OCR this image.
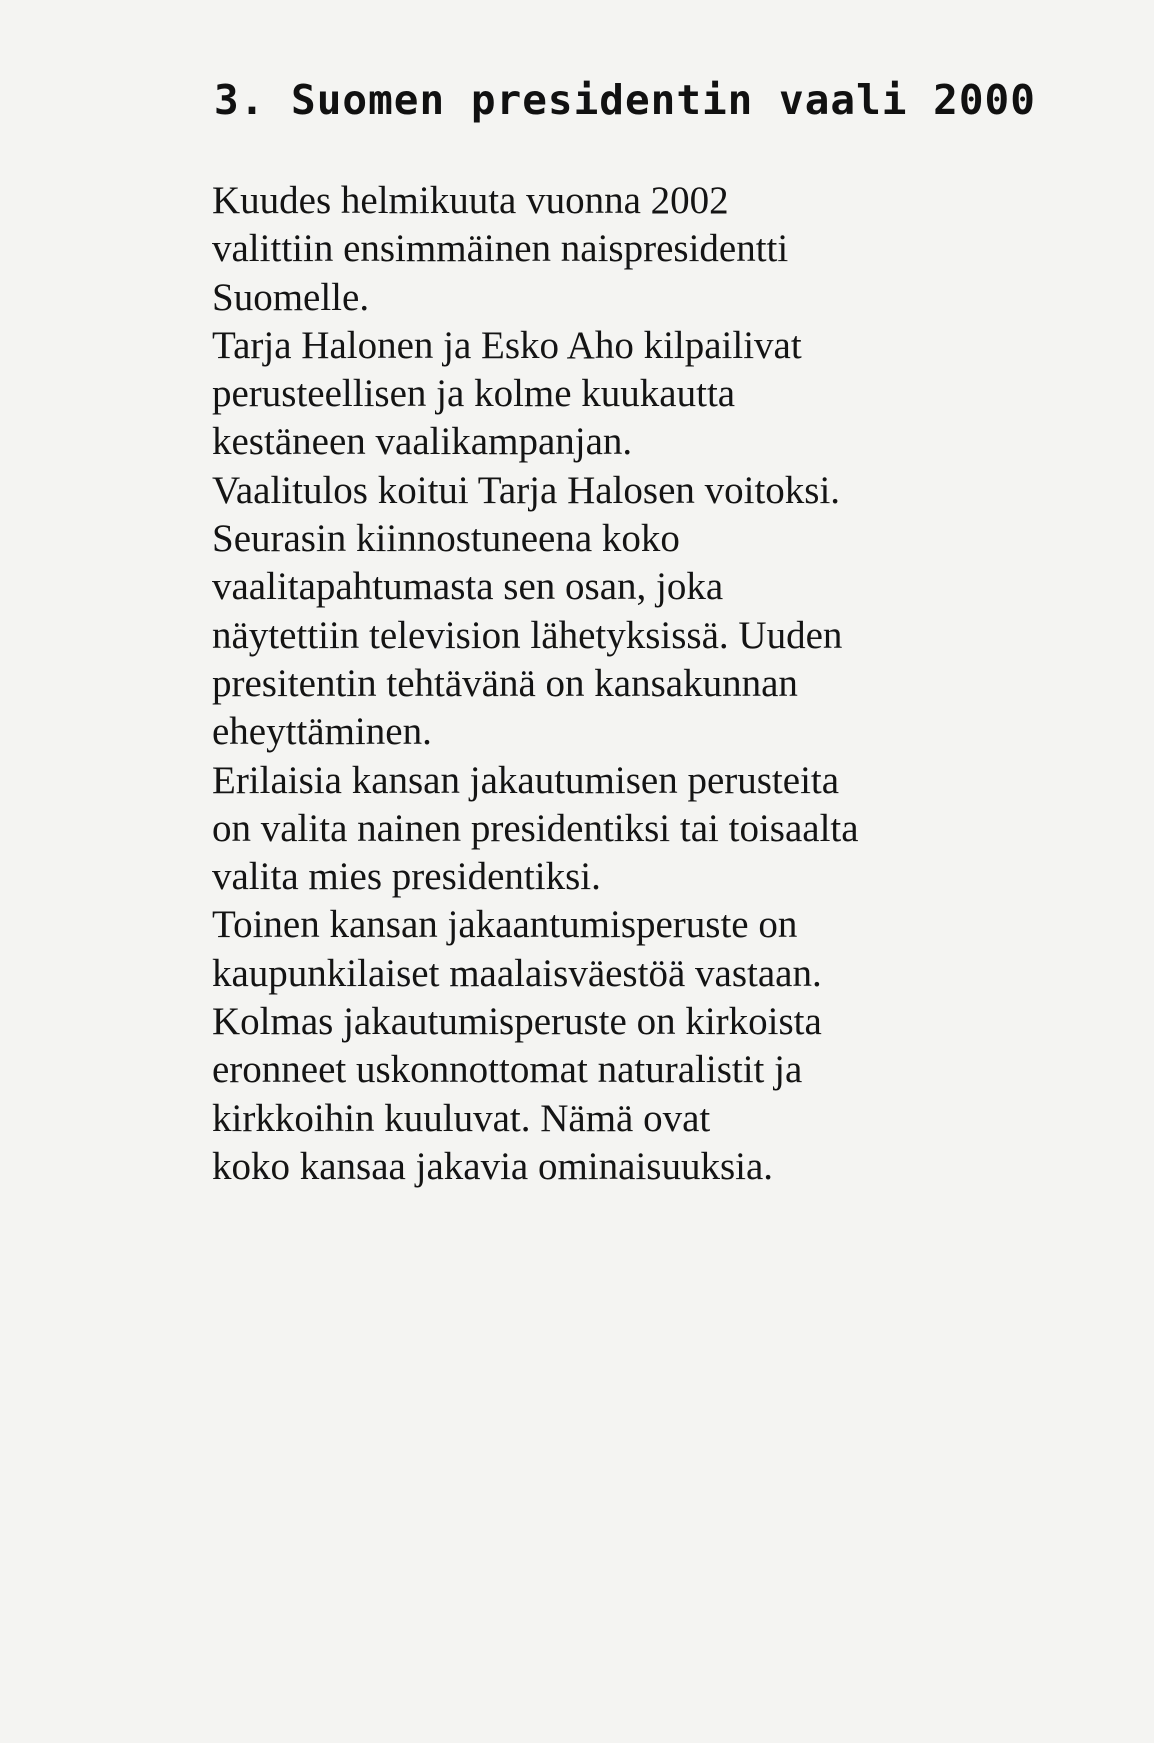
3. Suomen presidentin vaali 2000
Kuudes helmikuuta vuonna 2002
valittiin ensimmäinen naispresidentti
Suomelle.
Tarja Halonen ja Esko Aho kilpailivat
perusteellisen ja kolme kuukautta
kestäneen vaalikampanjan.
Vaalitulos koitui Tarja Halosen voitoksi.
Seurasin kiinnostuneena koko
vaalitapahtumasta sen osan, joka
näytettiin television lähetyksissä. Uuden
presitentin tehtävänä on kansakunnan
eheyttäminen.
Erilaisia kansan jakautumisen perusteita
on valita nainen presidentiksi tai toisaalta
valita mies presidentiksi.
Toinen kansan jakaantumisperuste on
kaupunkilaiset maalaisväestöä vastaan.
Kolmas jakautumisperuste on kirkoista
eronneet uskonnottomat naturalistit ja
kirkkoihin kuuluvat. Nämä ovat
koko kansaa jakavia ominaisuuksia.
